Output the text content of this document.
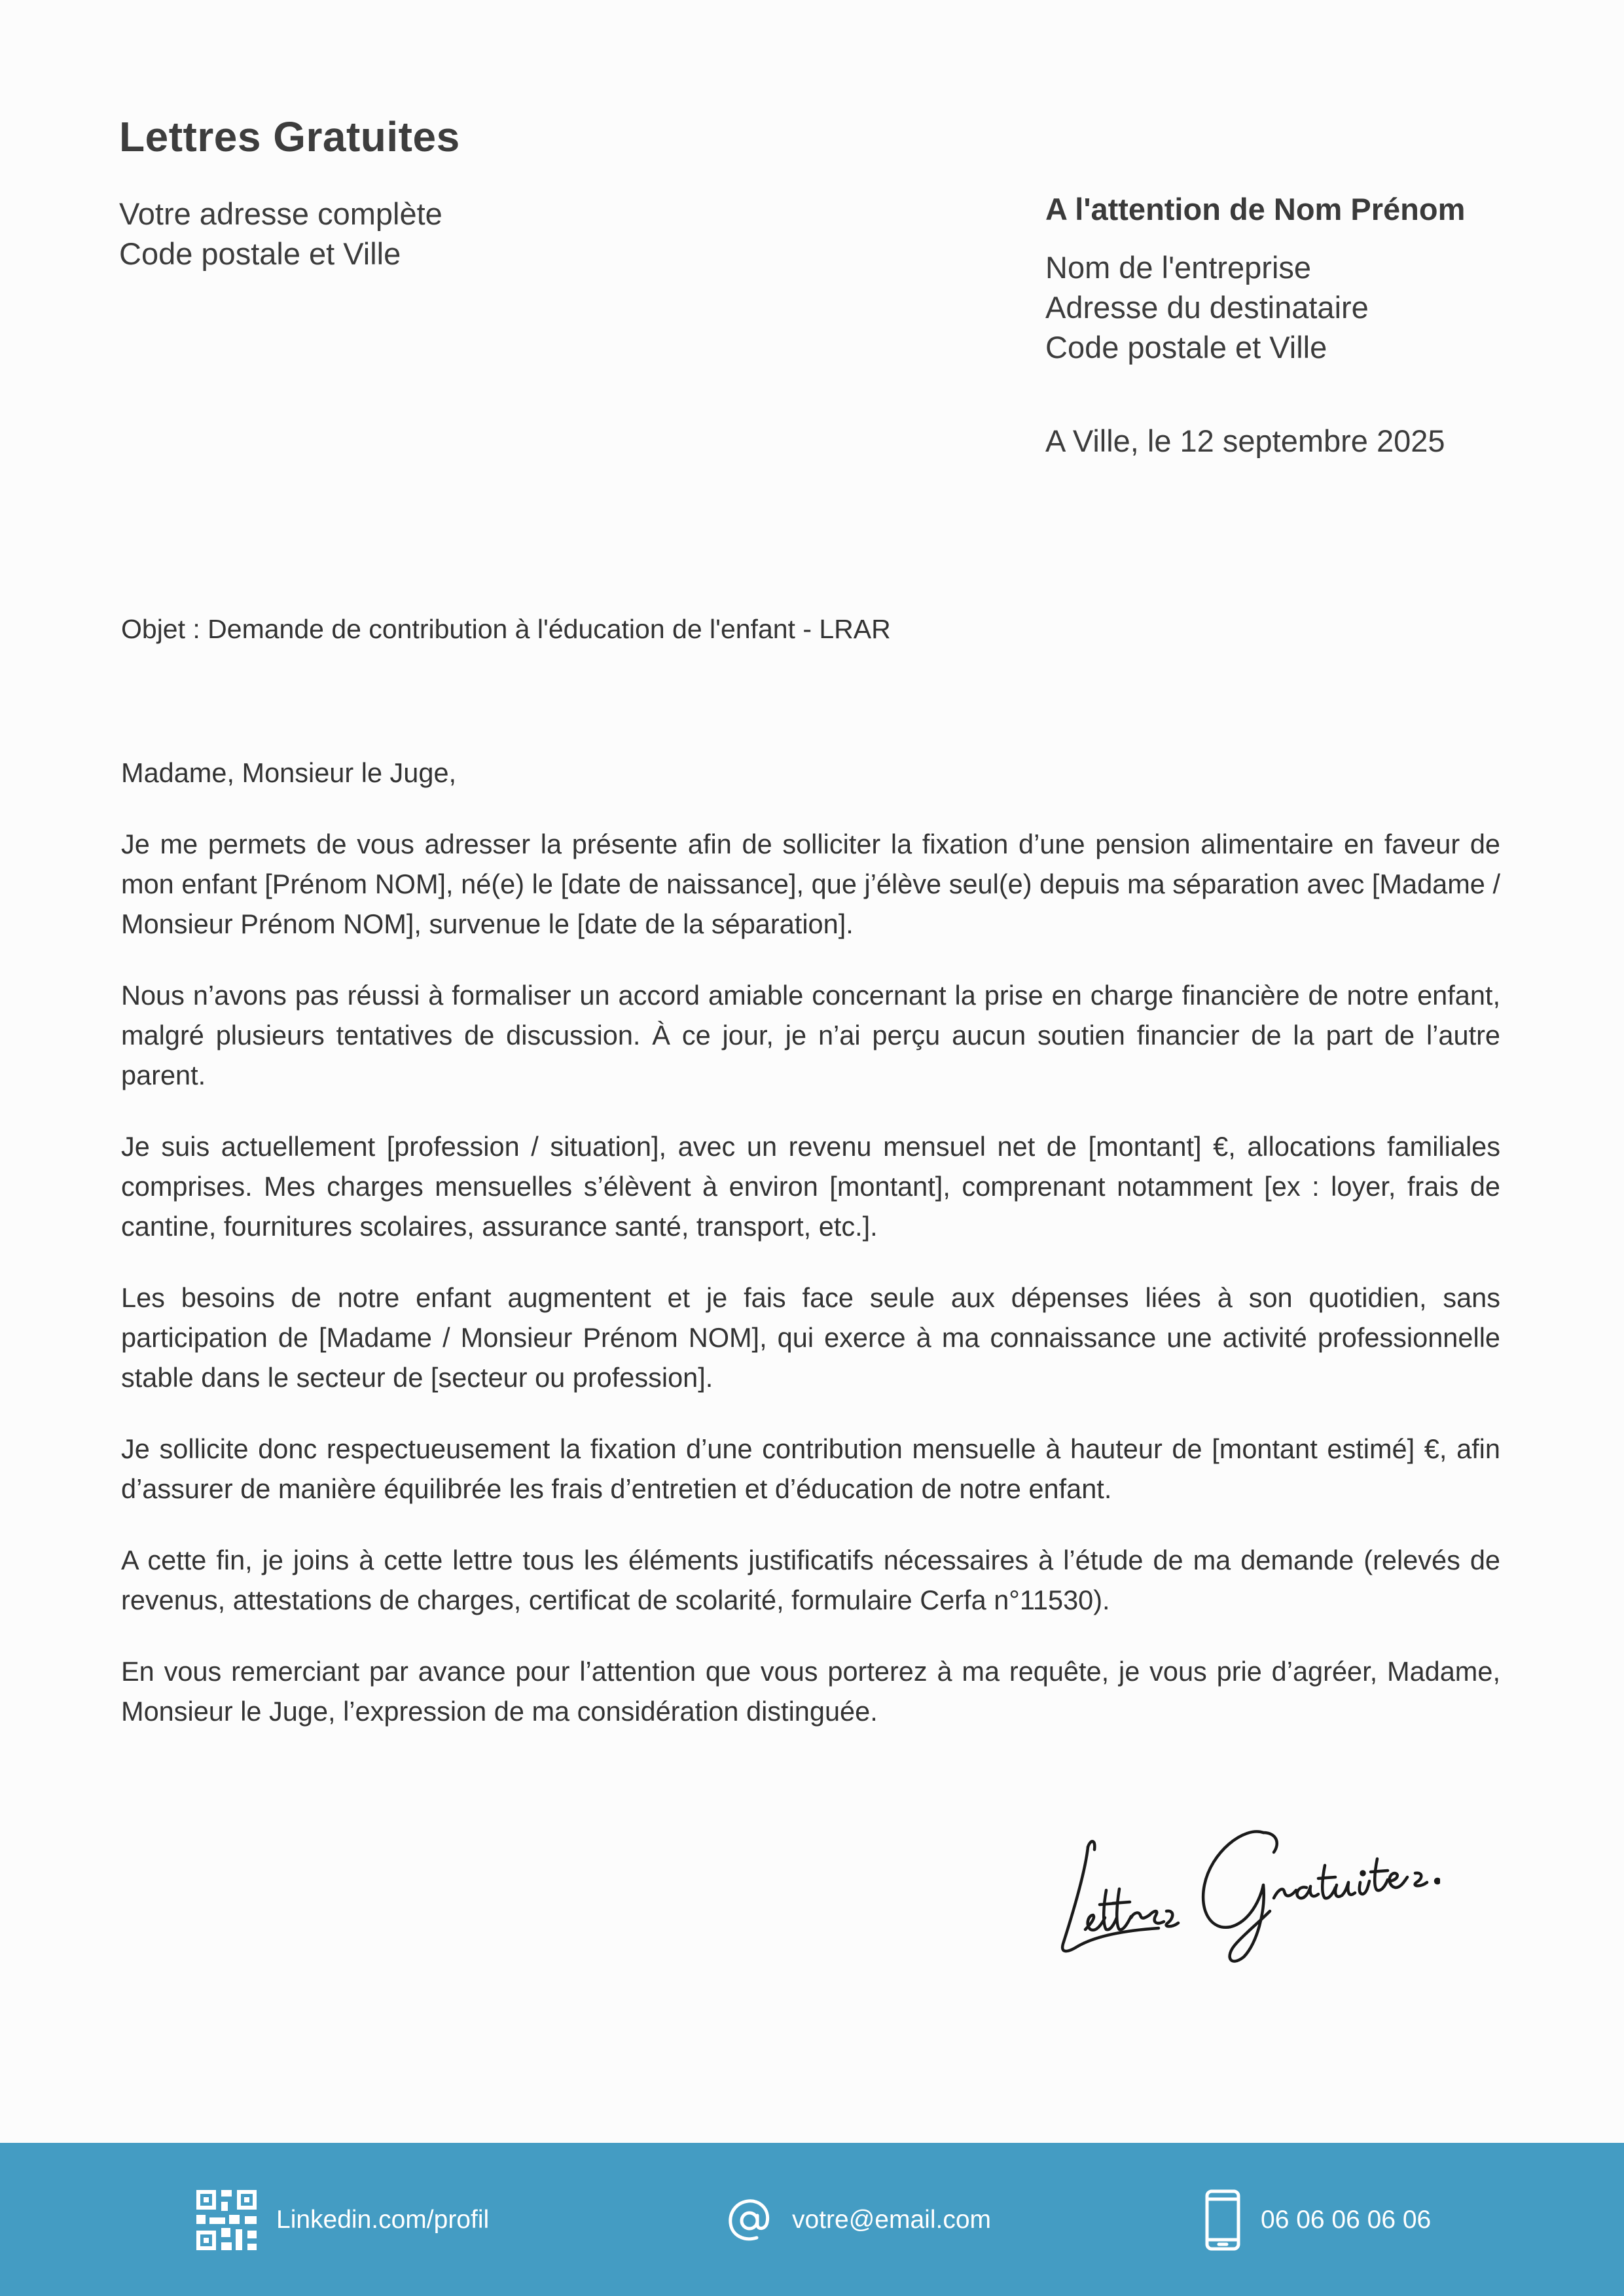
Lettres Gratuites
Votre adresse complète
Code postale et Ville
A l'attention de Nom Prénom
Nom de l'entreprise
Adresse du destinataire
Code postale et Ville
A Ville, le 12 septembre 2025
Objet : Demande de contribution à l'éducation de l'enfant - LRAR

Madame, Monsieur le Juge,

Je me permets de vous adresser la présente afin de solliciter la fixation d’une pension alimentaire en faveur de mon enfant [Prénom NOM], né(e) le [date de naissance], que j’élève seul(e) depuis ma séparation avec [Madame / Monsieur Prénom NOM], survenue le [date de la séparation].

Nous n’avons pas réussi à formaliser un accord amiable concernant la prise en charge financière de notre enfant, malgré plusieurs tentatives de discussion. À ce jour, je n’ai perçu aucun soutien financier de la part de l’autre parent.

Je suis actuellement [profession / situation], avec un revenu mensuel net de [montant] €, allocations familiales comprises. Mes charges mensuelles s’élèvent à environ [montant], comprenant notamment [ex : loyer, frais de cantine, fournitures scolaires, assurance santé, transport, etc.].

Les besoins de notre enfant augmentent et je fais face seule aux dépenses liées à son quotidien, sans participation de [Madame / Monsieur Prénom NOM], qui exerce à ma connaissance une activité professionnelle stable dans le secteur de [secteur ou profession].

Je sollicite donc respectueusement la fixation d’une contribution mensuelle à hauteur de [montant estimé] €, afin d’assurer de manière équilibrée les frais d’entretien et d’éducation de notre enfant.

A cette fin, je joins à cette lettre tous les éléments justificatifs nécessaires à l’étude de ma demande (relevés de revenus, attestations de charges, certificat de scolarité, formulaire Cerfa n°11530).

En vous remerciant par avance pour l’attention que vous porterez à ma requête, je vous prie d’agréer, Madame, Monsieur le Juge, l’expression de ma considération distinguée.

Linkedin.com/profil	votre@email.com	06 06 06 06 06
